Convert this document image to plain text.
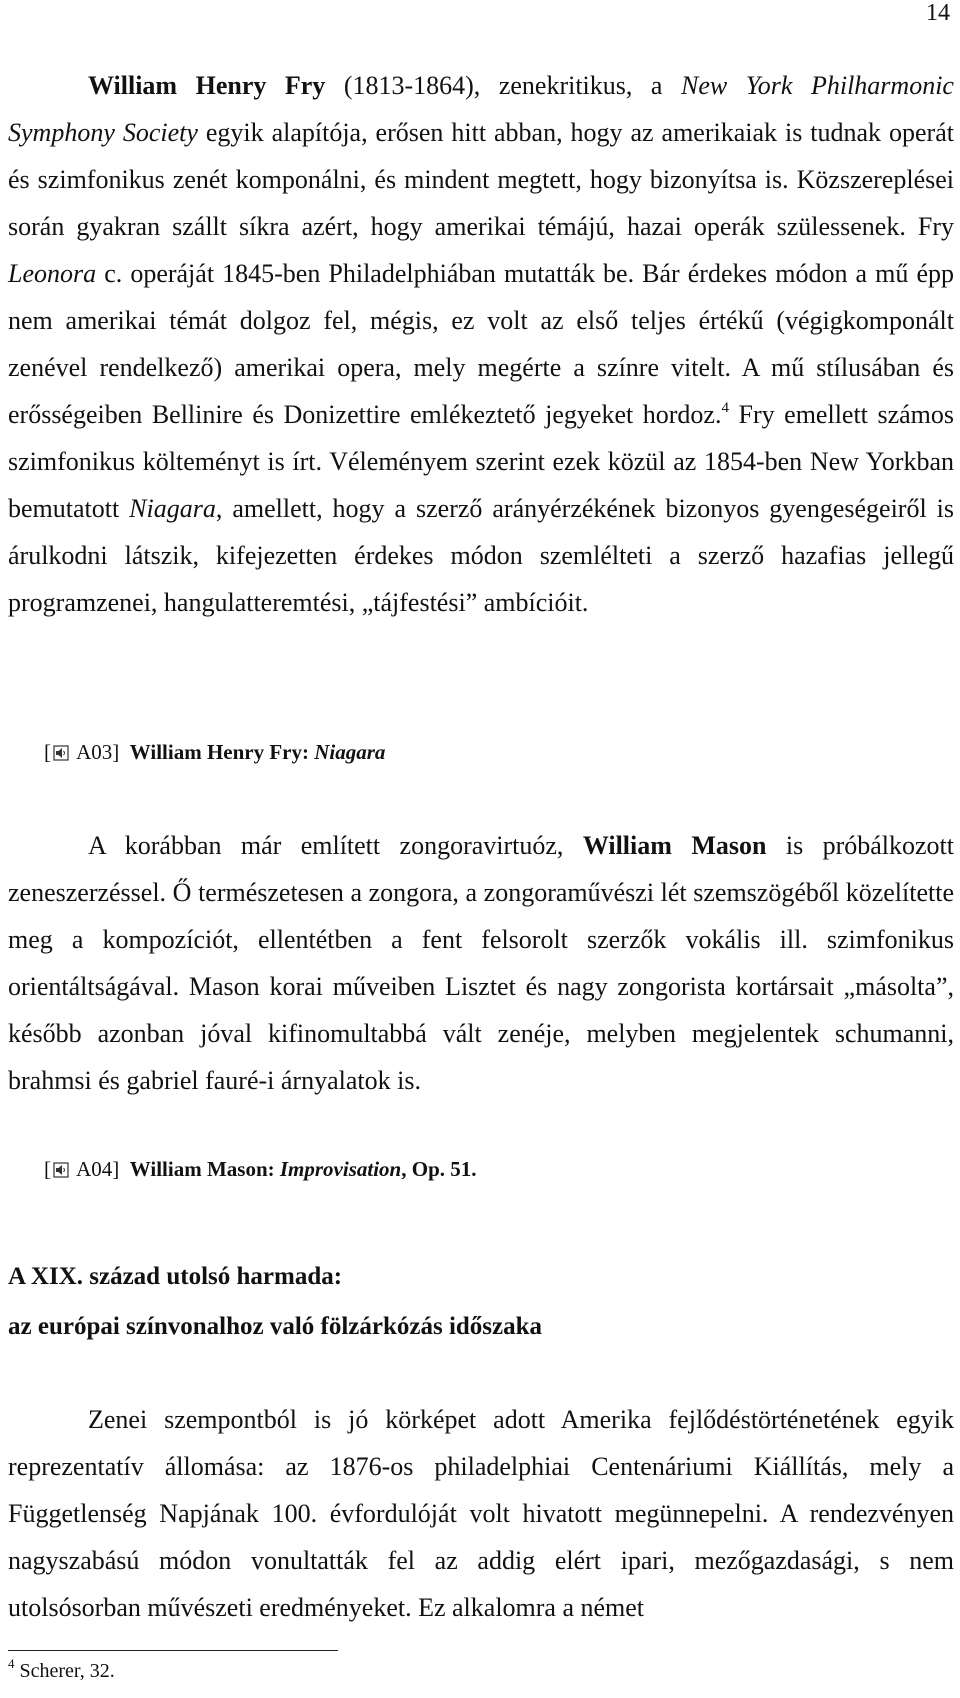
14

William Henry Fry (1813-1864), zenekritikus, a New York Philharmonic Symphony Society egyik alapítója, erősen hitt abban, hogy az amerikaiak is tudnak operát és szimfonikus zenét komponálni, és mindent megtett, hogy bizonyítsa is. Közszereplései során gyakran szállt síkra azért, hogy amerikai témájú, hazai operák szülessenek. Fry Leonora c. operáját 1845-ben Philadelphiában mutatták be. Bár érdekes módon a mű épp nem amerikai témát dolgoz fel, mégis, ez volt az első teljes értékű (végigkomponált zenével rendelkező) amerikai opera, mely megérte a színre vitelt. A mű stílusában és erősségeiben Bellinire és Donizettire emlékeztető jegyeket hordoz.$^4$ Fry emellett számos szimfonikus költeményt is írt. Véleményem szerint ezek közül az 1854-ben New Yorkban bemutatott Niagara, amellett, hogy a szerző arányérzékének bizonyos gyengeségeiről is árulkodni látszik, kifejezetten érdekes módon szemlélteti a szerző hazafias jellegű programzenei, hangulatteremtési, „tájfestési” ambícióit.

[ A03] William Henry Fry: Niagara

A korábban már említett zongoravirtuóz, William Mason is próbálkozott zeneszerzéssel. Ő természetesen a zongora, a zongoraművészi lét szemszögéből közelítette meg a kompozíciót, ellentétben a fent felsorolt szerzők vokális ill. szimfonikus orientáltságával. Mason korai műveiben Lisztet és nagy zongorista kortársait „másolta”, később azonban jóval kifinomultabbá vált zenéje, melyben megjelentek schumanni, brahmsi és gabriel fauré-i árnyalatok is.

[ A04] William Mason: Improvisation, Op. 51.
A XIX. század utolsó harmada:
az európai színvonalhoz való fölzárkózás időszaka

Zenei szempontból is jó körképet adott Amerika fejlődéstörténetének egyik reprezentatív állomása: az 1876-os philadelphiai Centenáriumi Kiállítás, mely a Függetlenség Napjának 100. évfordulóját volt hivatott megünnepelni. A rendezvényen nagyszabású módon vonultatták fel az addig elért ipari, mezőgazdasági, s nem utolsósorban művészeti eredményeket. Ez alkalomra a német

$^4$ Scherer, 32.
